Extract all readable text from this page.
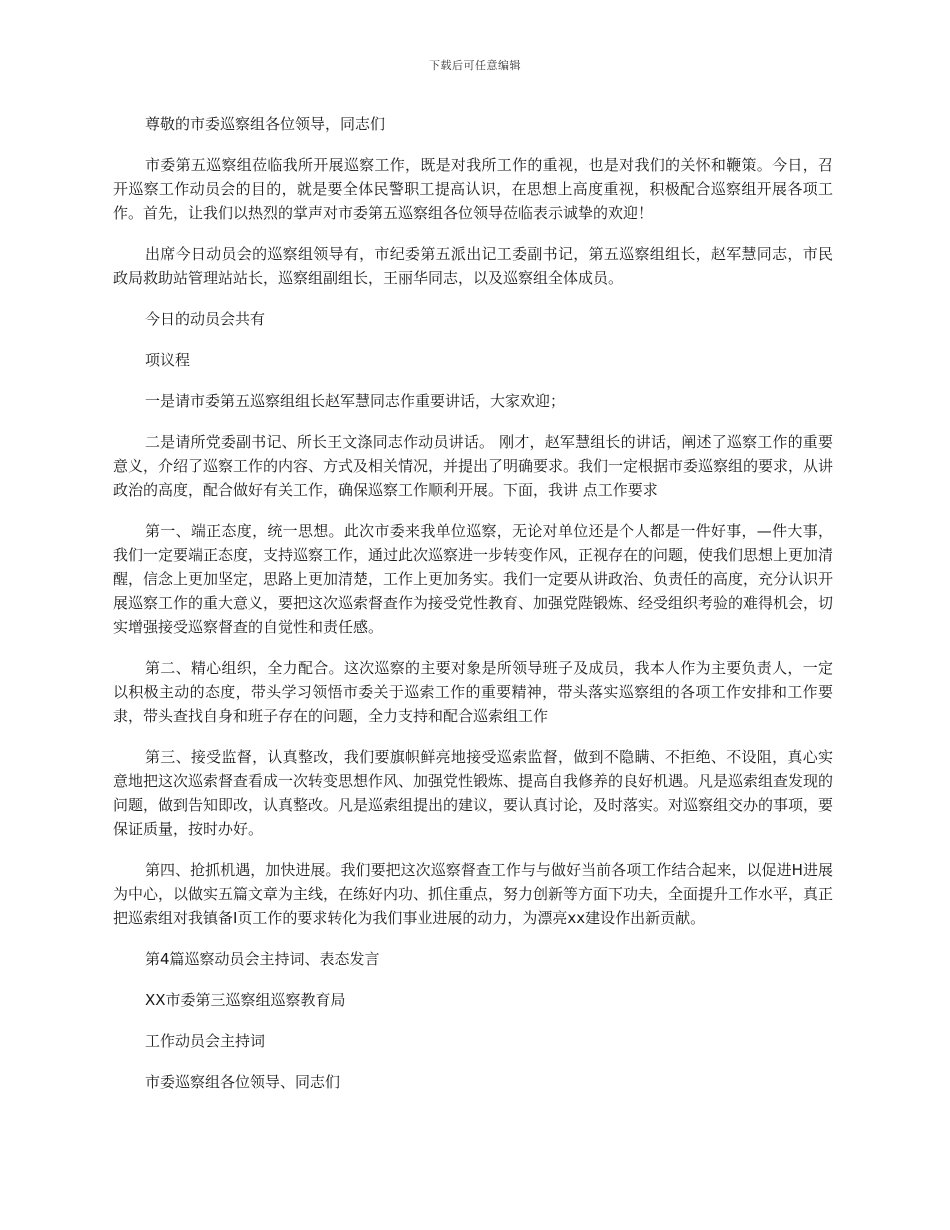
下载后可任意编辑

尊敬的市委巡察组各位领导，同志们

市委第五巡察组莅临我所开展巡察工作，既是对我所工作的重视，也是对我们的关怀和鞭策。今日，召开巡察工作动员会的目的，就是要全体民警职工提高认识，在思想上高度重视，积极配合巡察组开展各项工作。首先，让我们以热烈的掌声对市委第五巡察组各位领导莅临表示诚挚的欢迎！

出席今日动员会的巡察组领导有，市纪委第五派出记工委副书记，第五巡察组组长，赵军慧同志，市民政局救助站管理站站长，巡察组副组长，王丽华同志，以及巡察组全体成员。

今日的动员会共有

项议程

一是请市委第五巡察组组长赵军慧同志作重要讲话，大家欢迎；

二是请所党委副书记、所长王文涤同志作动员讲话。 刚才，赵军慧组长的讲话，阐述了巡察工作的重要意义，介绍了巡察工作的内容、方式及相关情况，并提出了明确要求。我们一定根据市委巡察组的要求，从讲政治的高度，配合做好有关工作，确保巡察工作顺利开展。下面，我讲 点工作要求

第一、端正态度，统一思想。此次市委来我单位巡察，无论对单位还是个人都是一件好事，—件大事，我们一定要端正态度，支持巡察工作，通过此次巡察进一步转变作风，正视存在的问题，使我们思想上更加清醒，信念上更加坚定，思路上更加清楚，工作上更加务实。我们一定要从讲政治、负责任的高度，充分认识开展巡察工作的重大意义，要把这次巡索督查作为接受党性教育、加强党陛锻炼、经受组织考验的难得机会，切实增强接受巡察督查的自觉性和责任感。

第二、精心组织，全力配合。这次巡察的主要对象是所领导班子及成员，我本人作为主要负责人，一定以积极主动的态度，带头学习领悟市委关于巡索工作的重要精神，带头落实巡察组的各项工作安排和工作要隶，带头查找自身和班子存在的问题，全力支持和配合巡索组工作

第三、接受监督，认真整改，我们要旗帜鲜亮地接受巡索监督，做到不隐瞒、不拒绝、不设阻，真心实意地把这次巡索督查看成一次转变思想作风、加强党性锻炼、提高自我修养的良好机遇。凡是巡索组查发现的问题，做到告知即改，认真整改。凡是巡索组提出的建议，要认真讨论，及时落实。对巡察组交办的事项，要保证质量，按时办好。

第四、抢抓机遇，加快进展。我们要把这次巡察督查工作与与做好当前各项工作结合起来，以促进H进展为中心，以做实五篇文章为主线，在练好内功、抓住重点，努力创新等方面下功夫，全面提升工作水平，真正把巡索组对我镇备I页工作的要求转化为我们事业进展的动力，为漂亮xx建设作出新贡献。

第4篇巡察动员会主持词、表态发言

XX市委第三巡察组巡察教育局

工作动员会主持词

市委巡察组各位领导、同志们
